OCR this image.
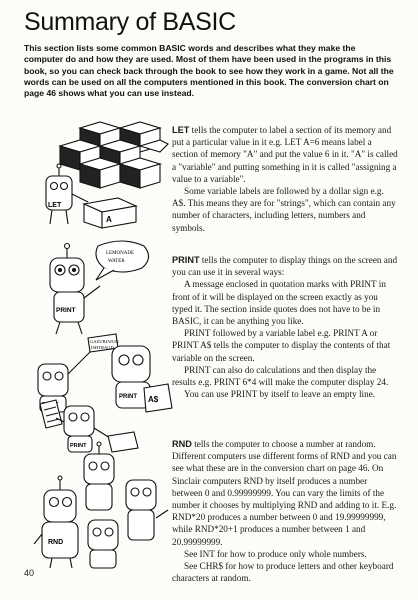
Summary of BASIC

This section lists some common BASIC words and describes what they make the computer do and how they are used. Most of them have been used in the programs in this book, so you can check back through the book to see how they work in a game. Not all the words can be used on all the computers mentioned in this book. The conversion chart on page 46 shows what you can use instead.

LET
A

LET tells the computer to label a section of its memory and put a particular value in it e.g. LET A=6 means label a section of memory "A" and put the value 6 in it. "A" is called a "variable" and putting something in it is called "assigning a value to a variable".

Some variable labels are followed by a dollar sign e.g. A$. This means they are for "strings", which can contain any number of characters, including letters, numbers and symbols.

PRINT
PRINT A$
LEMONADE
WATER
GAZUBLWUG
ISHTRAGD

PRINT tells the computer to display things on the screen and you can use it in several ways:

A message enclosed in quotation marks with PRINT in front of it will be displayed on the screen exactly as you typed it. The section inside quotes does not have to be in BASIC, it can be anything you like.

PRINT followed by a variable label e.g. PRINT A or PRINT A$ tells the computer to display the contents of that variable on the screen.

PRINT can also do calculations and then display the results e.g. PRINT 6*4 will make the computer display 24.

You can use PRINT by itself to leave an empty line.

PRINT
RND

RND tells the computer to choose a number at random. Different computers use different forms of RND and you can see what these are in the conversion chart on page 46. On Sinclair computers RND by itself produces a number between 0 and 0.99999999. You can vary the limits of the number it chooses by multiplying RND and adding to it. E.g. RND*20 produces a number between 0 and 19.99999999, while RND*20+1 produces a number between 1 and 20.99999999.

See INT for how to produce only whole numbers.

See CHR$ for how to produce letters and other keyboard characters at random.

40
